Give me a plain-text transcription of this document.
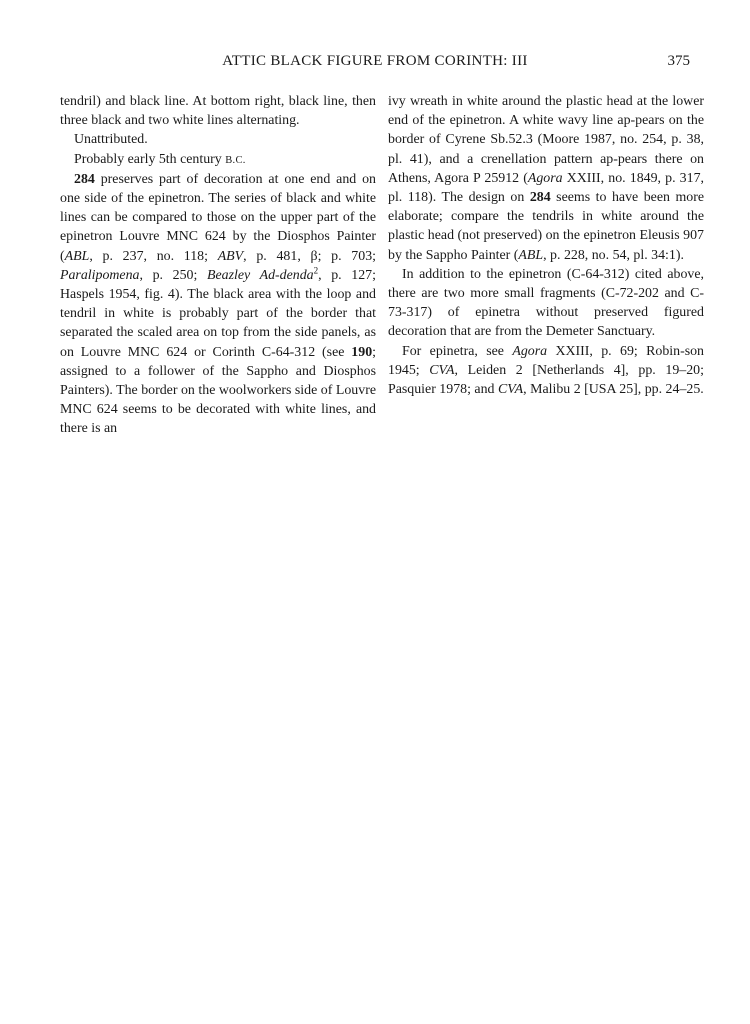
ATTIC BLACK FIGURE FROM CORINTH: III	375

tendril) and black line. At bottom right, black line, then three black and two white lines alternating.

Unattributed.

Probably early 5th century B.C.

284 preserves part of decoration at one end and on one side of the epinetron. The series of black and white lines can be compared to those on the upper part of the epinetron Louvre MNC 624 by the Diosphos Painter (ABL, p. 237, no. 118; ABV, p. 481, β; p. 703; Paralipomena, p. 250; Beazley Ad-denda$^2$, p. 127; Haspels 1954, fig. 4). The black area with the loop and tendril in white is probably part of the border that separated the scaled area on top from the side panels, as on Louvre MNC 624 or Corinth C-64-312 (see 190; assigned to a follower of the Sappho and Diosphos Painters). The border on the woolworkers side of Louvre MNC 624 seems to be decorated with white lines, and there is an

ivy wreath in white around the plastic head at the lower end of the epinetron. A white wavy line ap-pears on the border of Cyrene Sb.52.3 (Moore 1987, no. 254, p. 38, pl. 41), and a crenellation pattern ap-pears there on Athens, Agora P 25912 (Agora XXIII, no. 1849, p. 317, pl. 118). The design on 284 seems to have been more elaborate; compare the tendrils in white around the plastic head (not preserved) on the epinetron Eleusis 907 by the Sappho Painter (ABL, p. 228, no. 54, pl. 34:1).

In addition to the epinetron (C-64-312) cited above, there are two more small fragments (C-72-202 and C-73-317) of epinetra without preserved figured decoration that are from the Demeter Sanctuary.

For epinetra, see Agora XXIII, p. 69; Robin-son 1945; CVA, Leiden 2 [Netherlands 4], pp. 19–20; Pasquier 1978; and CVA, Malibu 2 [USA 25], pp. 24–25.
